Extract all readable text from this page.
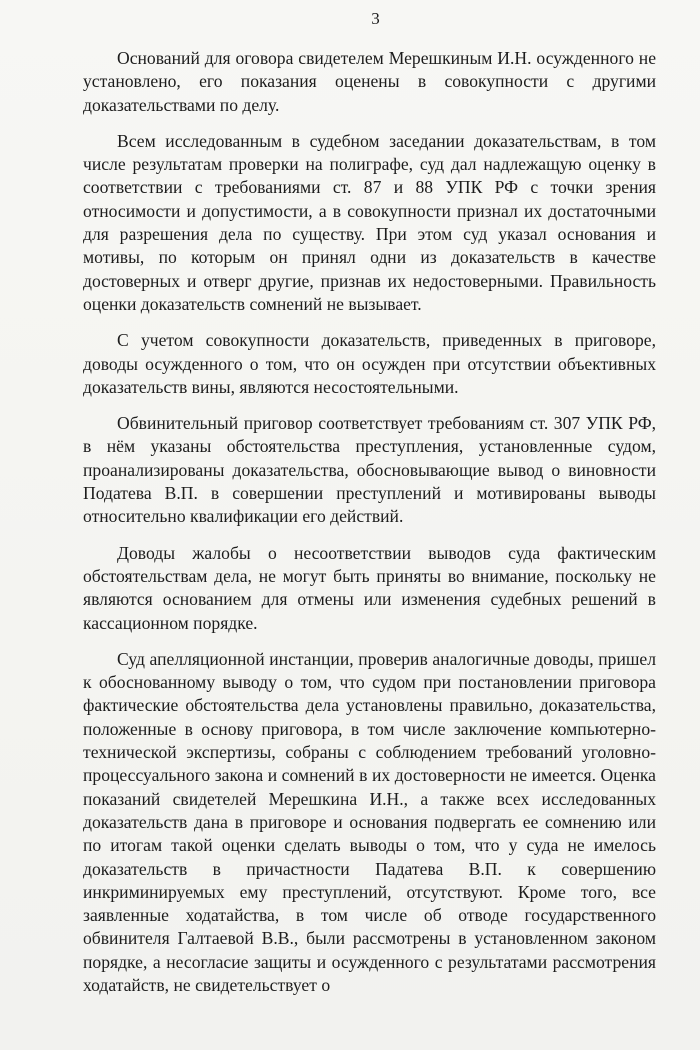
3

Оснований для оговора свидетелем Мерешкиным И.Н. осужденного не установлено, его показания оценены в совокупности с другими доказательствами по делу.

Всем исследованным в судебном заседании доказательствам, в том числе результатам проверки на полиграфе, суд дал надлежащую оценку в соответствии с требованиями ст. 87 и 88 УПК РФ с точки зрения относимости и допустимости, а в совокупности признал их достаточными для разрешения дела по существу. При этом суд указал основания и мотивы, по которым он принял одни из доказательств в качестве достоверных и отверг другие, признав их недостоверными. Правильность оценки доказательств сомнений не вызывает.

С учетом совокупности доказательств, приведенных в приговоре, доводы осужденного о том, что он осужден при отсутствии объективных доказательств вины, являются несостоятельными.

Обвинительный приговор соответствует требованиям ст. 307 УПК РФ, в нём указаны обстоятельства преступления, установленные судом, проанализированы доказательства, обосновывающие вывод о виновности Податева В.П. в совершении преступлений и мотивированы выводы относительно квалификации его действий.

Доводы жалобы о несоответствии выводов суда фактическим обстоятельствам дела, не могут быть приняты во внимание, поскольку не являются основанием для отмены или изменения судебных решений в кассационном порядке.

Суд апелляционной инстанции, проверив аналогичные доводы, пришел к обоснованному выводу о том, что судом при постановлении приговора фактические обстоятельства дела установлены правильно, доказательства, положенные в основу приговора, в том числе заключение компьютерно-технической экспертизы, собраны с соблюдением требований уголовно-процессуального закона и сомнений в их достоверности не имеется. Оценка показаний свидетелей Мерешкина И.Н., а также всех исследованных доказательств дана в приговоре и основания подвергать ее сомнению или по итогам такой оценки сделать выводы о том, что у суда не имелось доказательств в причастности Падатева В.П. к совершению инкриминируемых ему преступлений, отсутствуют. Кроме того, все заявленные ходатайства, в том числе об отводе государственного обвинителя Галтаевой В.В., были рассмотрены в установленном законом порядке, а несогласие защиты и осужденного с результатами рассмотрения ходатайств, не свидетельствует о
